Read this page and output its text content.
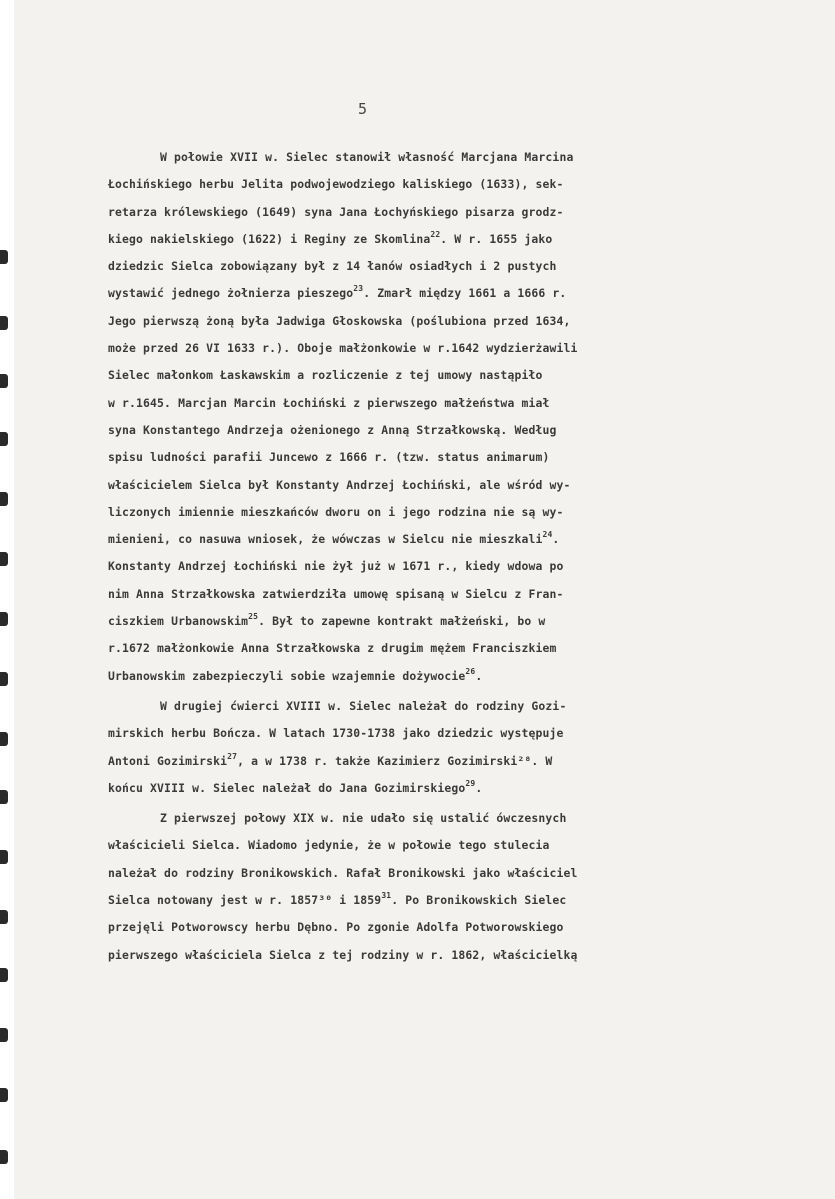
5
W połowie XVII w. Sielec stanowił własność Marcjana Marcina
Łochińskiego herbu Jelita podwojewodziego kaliskiego (1633), sek-
retarza królewskiego (1649) syna Jana Łochyńskiego pisarza grodz-
kiego nakielskiego (1622) i Reginy ze Skomlina$^{22}$. W r. 1655 jako
dziedzic Sielca zobowiązany był z 14 łanów osiadłych i 2 pustych
wystawić jednego żołnierza pieszego$^{23}$. Zmarł między 1661 a 1666 r.
Jego pierwszą żoną była Jadwiga Głoskowska (poślubiona przed 1634,
może przed 26 VI 1633 r.). Oboje małżonkowie w r.1642 wydzierżawili
Sielec małonkom Łaskawskim a rozliczenie z tej umowy nastąpiło
w r.1645. Marcjan Marcin Łochiński z pierwszego małżeństwa miał
syna Konstantego Andrzeja ożenionego z Anną Strzałkowską. Według
spisu ludności parafii Juncewo z 1666 r. (tzw. status animarum)
właścicielem Sielca był Konstanty Andrzej Łochiński, ale wśród wy-
liczonych imiennie mieszkańców dworu on i jego rodzina nie są wy-
mienieni, co nasuwa wniosek, że wówczas w Sielcu nie mieszkali$^{24}$.
Konstanty Andrzej Łochiński nie żył już w 1671 r., kiedy wdowa po
nim Anna Strzałkowska zatwierdziła umowę spisaną w Sielcu z Fran-
ciszkiem Urbanowskim$^{25}$. Był to zapewne kontrakt małżeński, bo w
r.1672 małżonkowie Anna Strzałkowska z drugim mężem Franciszkiem
Urbanowskim zabezpieczyli sobie wzajemnie dożywocie$^{26}$.
W drugiej ćwierci XVIII w. Sielec należał do rodziny Gozi-
mirskich herbu Bończa. W latach 1730-1738 jako dziedzic występuje
Antoni Gozimirski$^{27}$, a w 1738 r. także Kazimierz Gozimirski²⁸. W
końcu XVIII w. Sielec należał do Jana Gozimirskiego$^{29}$.
Z pierwszej połowy XIX w. nie udało się ustalić ówczesnych
właścicieli Sielca. Wiadomo jedynie, że w połowie tego stulecia
należał do rodziny Bronikowskich. Rafał Bronikowski jako właściciel
Sielca notowany jest w r. 1857³⁰ i 1859$^{31}$. Po Bronikowskich Sielec
przejęli Potworowscy herbu Dębno. Po zgonie Adolfa Potworowskiego
pierwszego właściciela Sielca z tej rodziny w r. 1862, właścicielką
